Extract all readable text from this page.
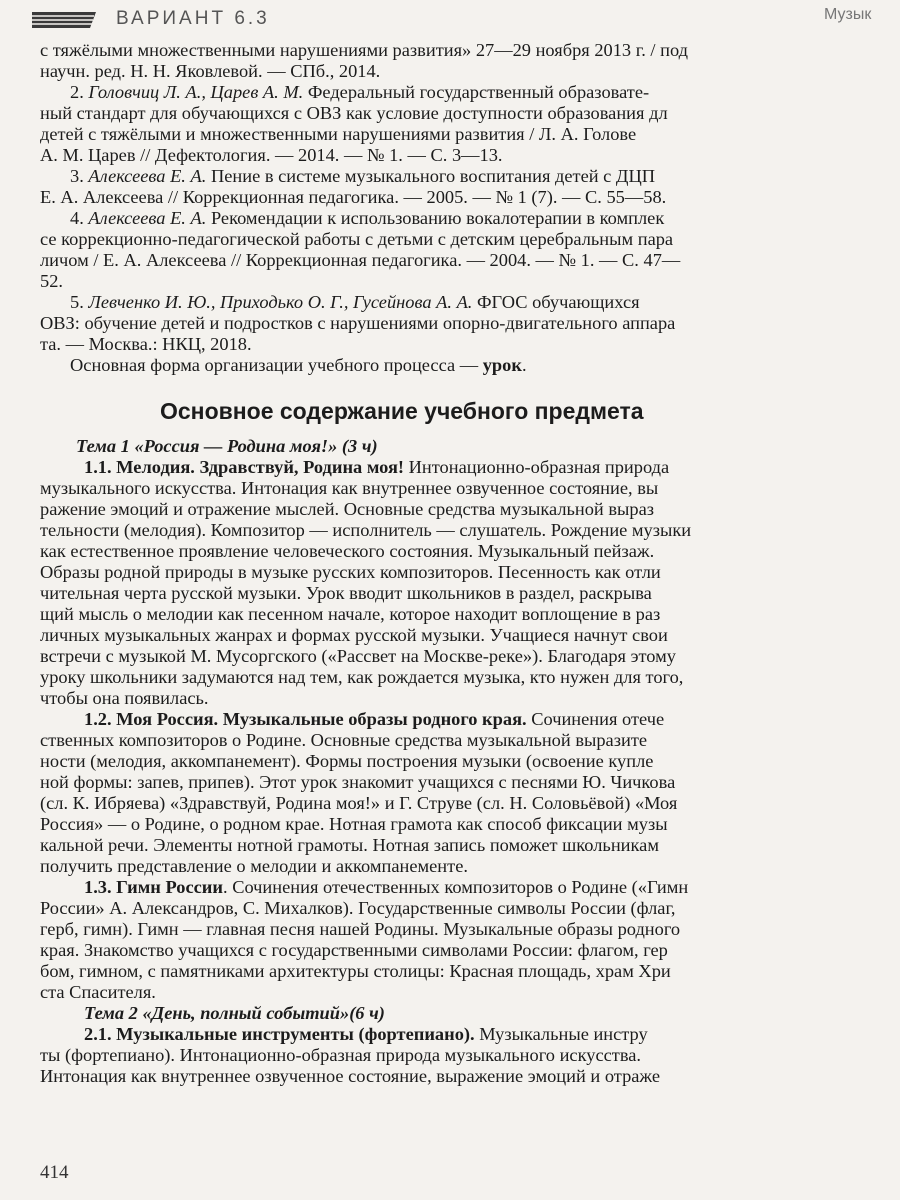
ВАРИАНТ 6.3	Музык
с тяжёлыми множественными нарушениями развития» 27—29 ноября 2013 г. / под
научн. ред. Н. Н. Яковлевой. — СПб., 2014.
2. Головчиц Л. А., Царев А. М. Федеральный государственный образовате-
ный стандарт для обучающихся с ОВЗ как условие доступности образования дл
детей с тяжёлыми и множественными нарушениями развития / Л. А. Голове
А. М. Царев // Дефектология. — 2014. — № 1. — С. 3—13.
3. Алексеева Е. А. Пение в системе музыкального воспитания детей с ДЦП
Е. А. Алексеева // Коррекционная педагогика. — 2005. — № 1 (7). — С. 55—58.
4. Алексеева Е. А. Рекомендации к использованию вокалотерапии в комплек
се коррекционно-педагогической работы с детьми с детским церебральным пара
личом / Е. А. Алексеева // Коррекционная педагогика. — 2004. — № 1. — С. 47—
52.
5. Левченко И. Ю., Приходько О. Г., Гусейнова А. А. ФГОС обучающихся
ОВЗ: обучение детей и подростков с нарушениями опорно-двигательного аппара
та. — Москва.: НКЦ, 2018.
Основная форма организации учебного процесса — урок.
Основное содержание учебного предмета
Тема 1 «Россия — Родина моя!» (3 ч)
1.1. Мелодия. Здравствуй, Родина моя! Интонационно-образная природа
музыкального искусства. Интонация как внутреннее озвученное состояние, вы
ражение эмоций и отражение мыслей. Основные средства музыкальной выраз
тельности (мелодия). Композитор — исполнитель — слушатель. Рождение музыки
как естественное проявление человеческого состояния. Музыкальный пейзаж.
Образы родной природы в музыке русских композиторов. Песенность как отли
чительная черта русской музыки. Урок вводит школьников в раздел, раскрыва
щий мысль о мелодии как песенном начале, которое находит воплощение в раз
личных музыкальных жанрах и формах русской музыки. Учащиеся начнут свои
встречи с музыкой М. Мусоргского («Рассвет на Москве-реке»). Благодаря этому
уроку школьники задумаются над тем, как рождается музыка, кто нужен для того,
чтобы она появилась.
1.2. Моя Россия. Музыкальные образы родного края. Сочинения отече
ственных композиторов о Родине. Основные средства музыкальной выразите
ности (мелодия, аккомпанемент). Формы построения музыки (освоение купле
ной формы: запев, припев). Этот урок знакомит учащихся с песнями Ю. Чичкова
(сл. К. Ибряева) «Здравствуй, Родина моя!» и Г. Струве (сл. Н. Соловьёвой) «Моя
Россия» — о Родине, о родном крае. Нотная грамота как способ фиксации музы
кальной речи. Элементы нотной грамоты. Нотная запись поможет школьникам
получить представление о мелодии и аккомпанементе.
1.3. Гимн России. Сочинения отечественных композиторов о Родине («Гимн
России» А. Александров, С. Михалков). Государственные символы России (флаг,
герб, гимн). Гимн — главная песня нашей Родины. Музыкальные образы родного
края. Знакомство учащихся с государственными символами России: флагом, гер
бом, гимном, с памятниками архитектуры столицы: Красная площадь, храм Хри
ста Спасителя.
Тема 2 «День, полный событий»(6 ч)
2.1. Музыкальные инструменты (фортепиано). Музыкальные инстру
ты (фортепиано). Интонационно-образная природа музыкального искусства.
Интонация как внутреннее озвученное состояние, выражение эмоций и отраже
414
